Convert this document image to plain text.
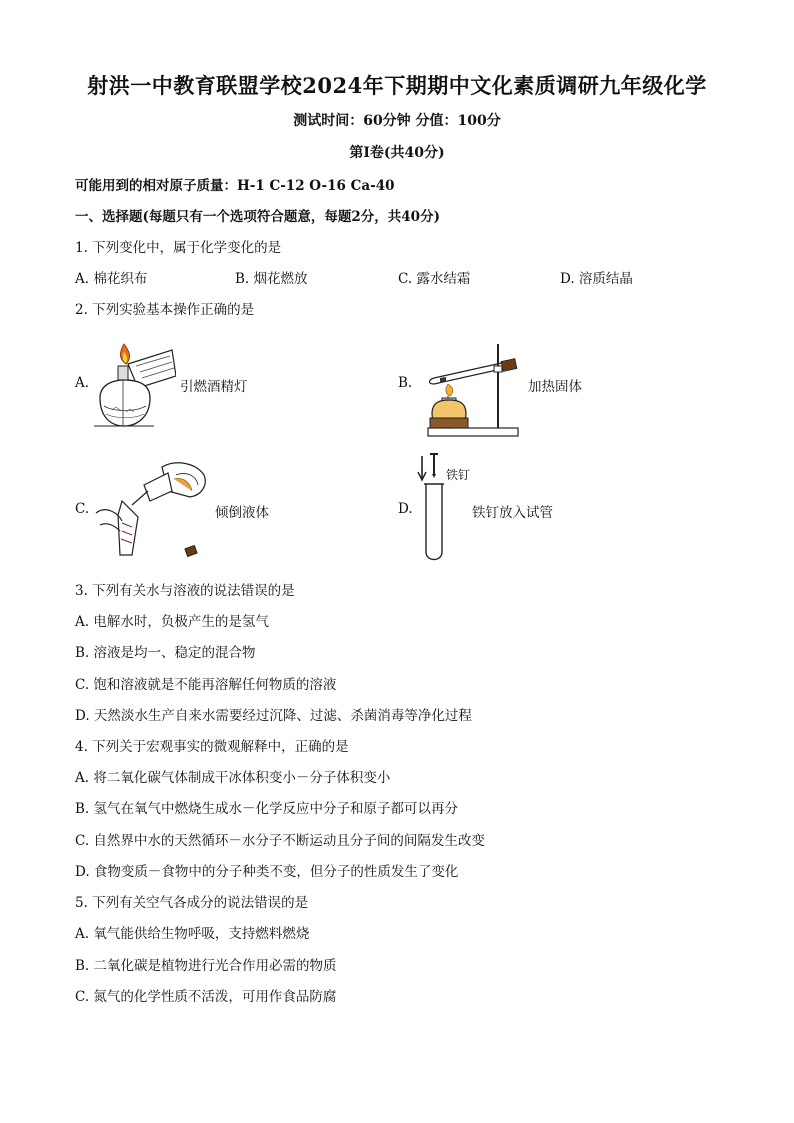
射洪一中教育联盟学校2024年下期期中文化素质调研九年级化学
测试时间：60分钟 分值：100分
第I卷(共40分)
可能用到的相对原子质量：H-1 C-12 O-16 Ca-40
一、选择题(每题只有一个选项符合题意，每题2分，共40分)
1. 下列变化中，属于化学变化的是
A. 棉花织布	B. 烟花燃放	C. 露水结霜	D. 溶质结晶
2. 下列实验基本操作正确的是
A.	引燃酒精灯	B.	加热固体
C.	倾倒液体	D.
铁钉
铁钉放入试管
3. 下列有关水与溶液的说法错误的是
A. 电解水时，负极产生的是氢气
B. 溶液是均一、稳定的混合物
C. 饱和溶液就是不能再溶解任何物质的溶液
D. 天然淡水生产自来水需要经过沉降、过滤、杀菌消毒等净化过程
4. 下列关于宏观事实的微观解释中，正确的是
A. 将二氧化碳气体制成干冰体积变小－分子体积变小
B. 氢气在氧气中燃烧生成水－化学反应中分子和原子都可以再分
C. 自然界中水的天然循环－水分子不断运动且分子间的间隔发生改变
D. 食物变质－食物中的分子种类不变，但分子的性质发生了变化
5. 下列有关空气各成分的说法错误的是
A. 氧气能供给生物呼吸，支持燃料燃烧
B. 二氧化碳是植物进行光合作用必需的物质
C. 氮气的化学性质不活泼，可用作食品防腐
